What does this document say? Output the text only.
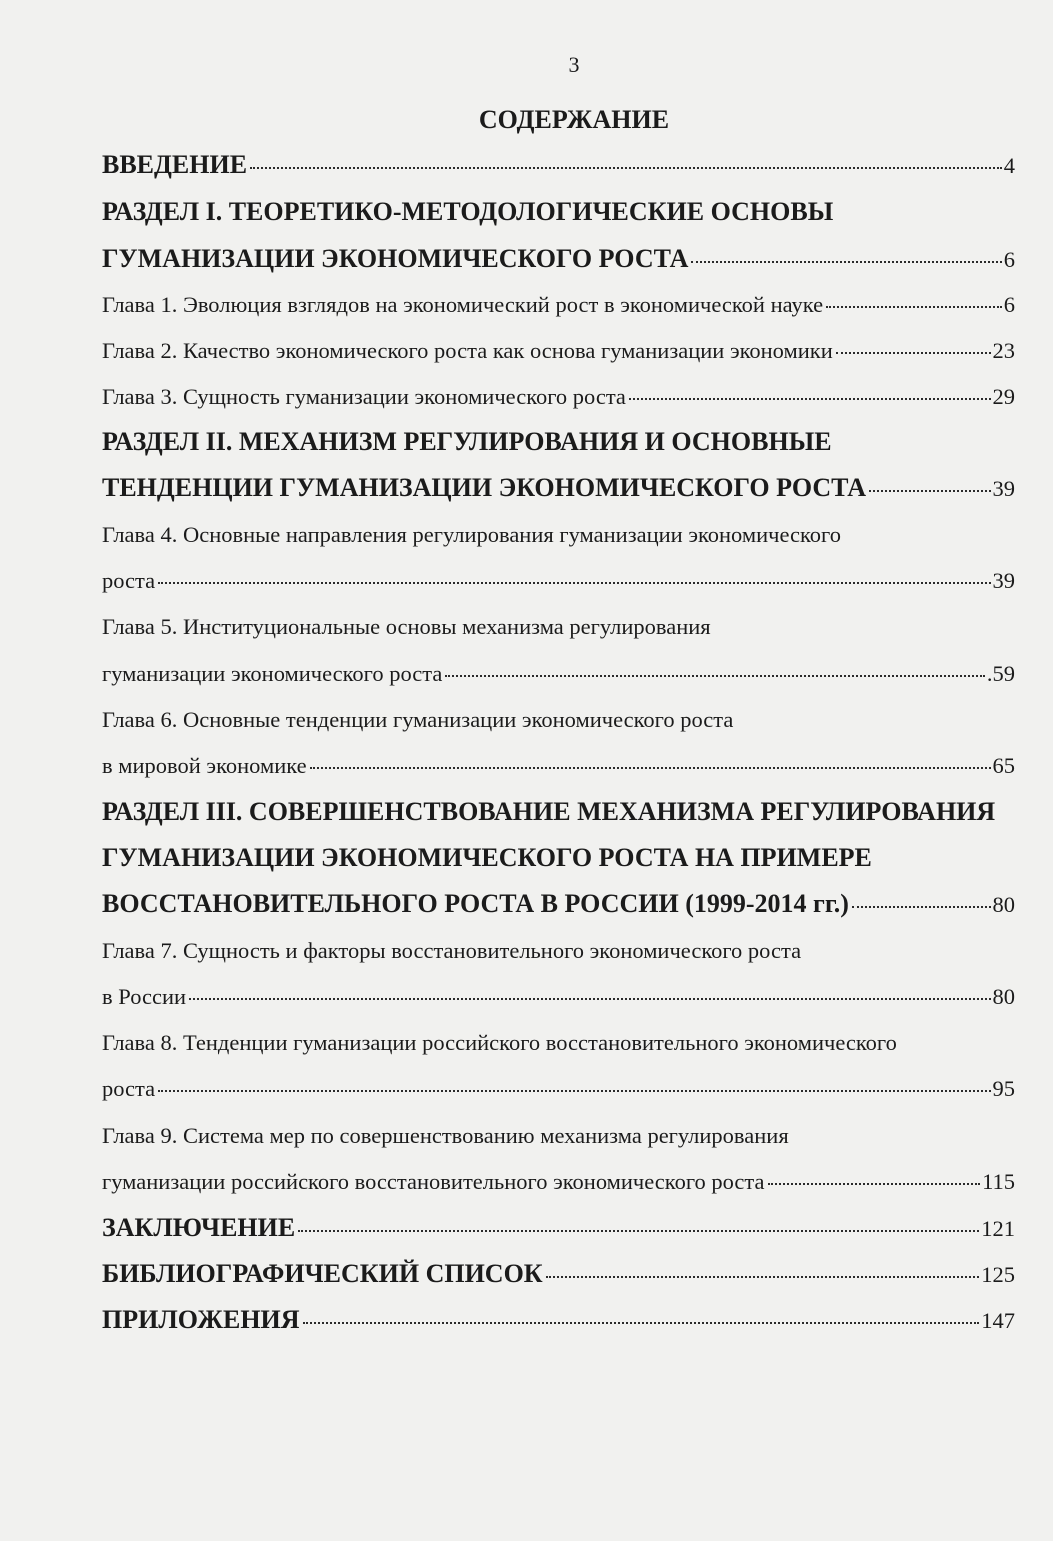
3
СОДЕРЖАНИЕ
ВВЕДЕНИЕ	4
РАЗДЕЛ I. ТЕОРЕТИКО-МЕТОДОЛОГИЧЕСКИЕ ОСНОВЫ
ГУМАНИЗАЦИИ ЭКОНОМИЧЕСКОГО РОСТА	6
Глава 1. Эволюция взглядов на экономический рост в экономической науке	6
Глава 2. Качество экономического роста как основа гуманизации экономики	23
Глава 3. Сущность гуманизации экономического роста	29
РАЗДЕЛ II. МЕХАНИЗМ РЕГУЛИРОВАНИЯ И ОСНОВНЫЕ
ТЕНДЕНЦИИ ГУМАНИЗАЦИИ ЭКОНОМИЧЕСКОГО РОСТА	39
Глава 4. Основные направления регулирования гуманизации экономического
роста	39
Глава 5. Институциональные основы механизма регулирования
гуманизации экономического роста	.59
Глава 6. Основные тенденции гуманизации экономического роста
в мировой экономике	65
РАЗДЕЛ III. СОВЕРШЕНСТВОВАНИЕ МЕХАНИЗМА РЕГУЛИРОВАНИЯ
ГУМАНИЗАЦИИ ЭКОНОМИЧЕСКОГО РОСТА НА ПРИМЕРЕ
ВОССТАНОВИТЕЛЬНОГО РОСТА В РОССИИ (1999-2014 гг.)	80
Глава 7. Сущность и факторы восстановительного экономического роста
в России	80
Глава 8. Тенденции гуманизации российского восстановительного экономического
роста	95
Глава 9. Система мер по совершенствованию механизма регулирования
гуманизации российского восстановительного экономического роста	115
ЗАКЛЮЧЕНИЕ	121
БИБЛИОГРАФИЧЕСКИЙ СПИСОК	125
ПРИЛОЖЕНИЯ	147
